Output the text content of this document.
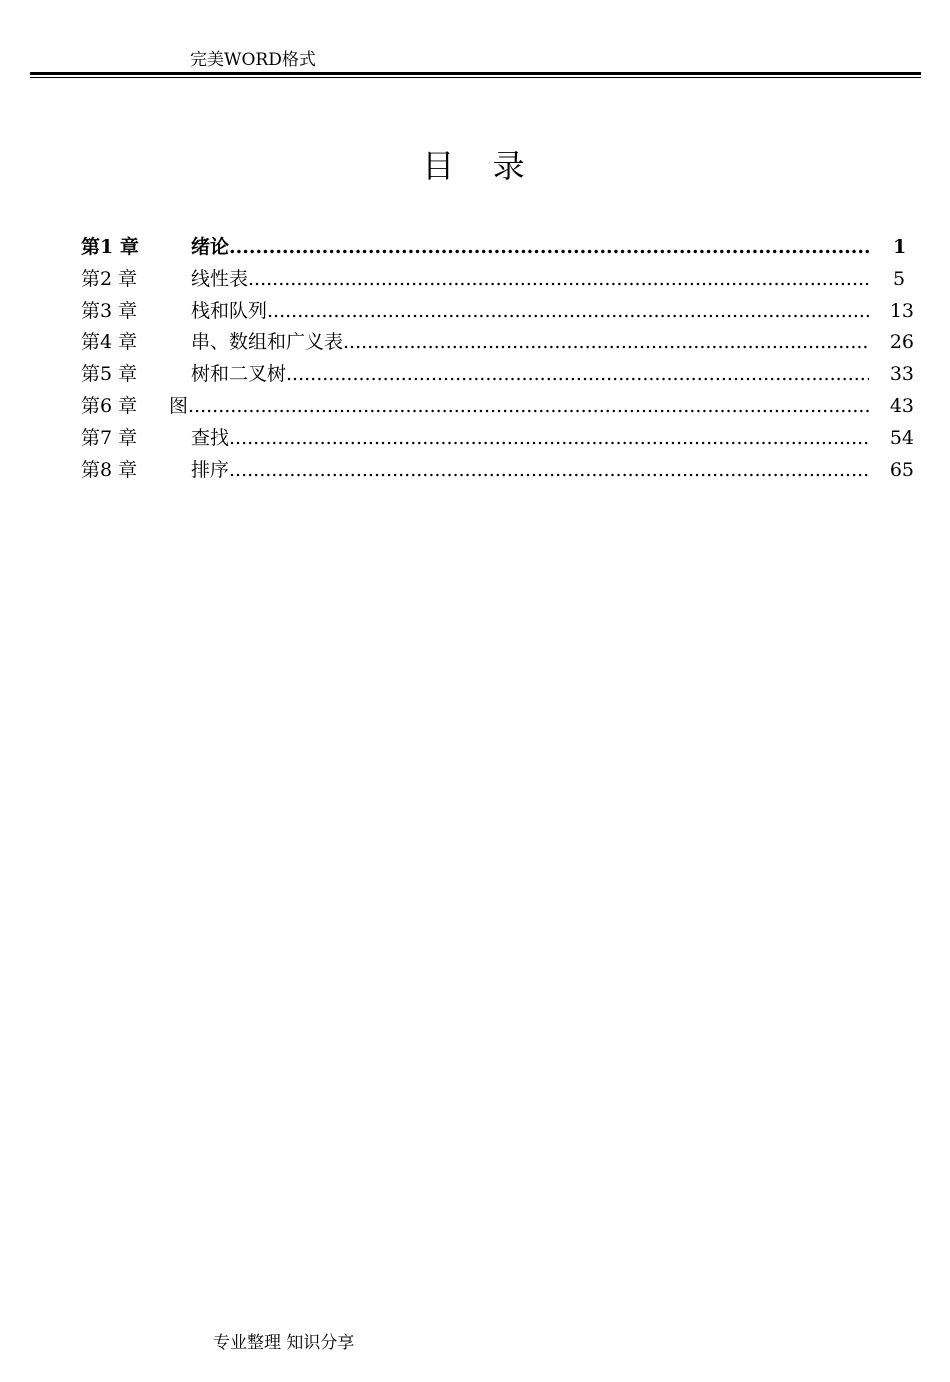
完美WORD格式
目　录
第1 章	绪论 .....	1
第2 章	线性表 .....	5
第3 章	栈和队列 .....	13
第4 章	串、数组和广义表 .....	26
第5 章	树和二叉树 .....	33
第6 章	图 .....	43
第7 章	查找 .....	54
第8 章	排序 .....	65
专业整理 知识分享
